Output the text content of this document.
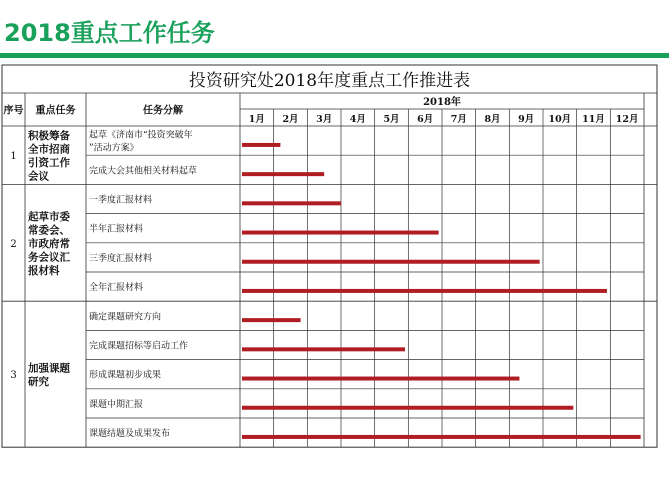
2018重点工作任务
投资研究处2018年度重点工作推进表
序号 重点任务	任务分解
2018年
1月 2月 3月 4月 5月 6月 7月 8月 9月 10月 11月 12月
1
积极筹备
全市招商
引资工作
会议
起草《济南市“投资突破年
”活动方案》
完成大会其他相关材料起草
2
起草市委
常委会、
市政府常
务会议汇
报材料
一季度汇报材料
半年汇报材料
三季度汇报材料
全年汇报材料
3
加强课题
研究
确定课题研究方向
完成课题招标等启动工作
形成课题初步成果
课题中期汇报
课题结题及成果发布
